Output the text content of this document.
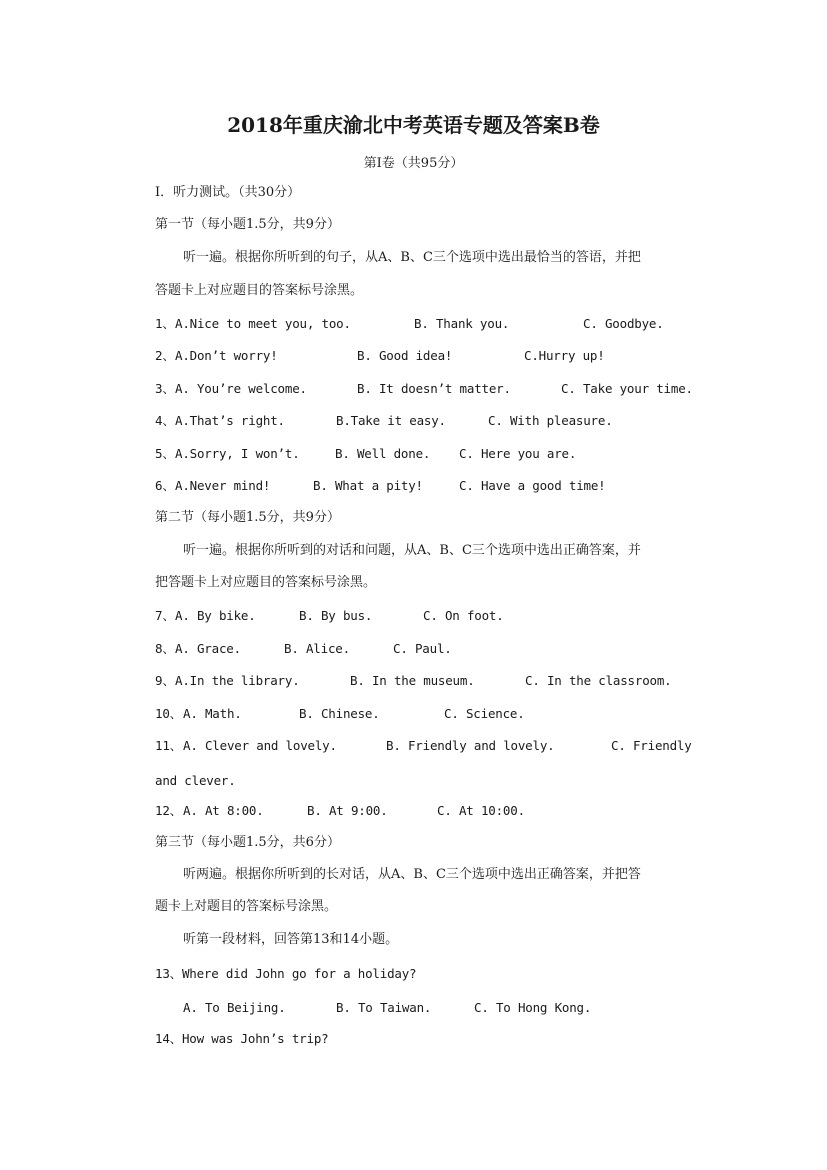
2018年重庆渝北中考英语专题及答案B卷
第I卷（共95分）
I．听力测试。（共30分）
第一节（每小题1.5分，共9分）
听一遍。根据你所听到的句子，从A、B、C三个选项中选出最恰当的答语，并把
答题卡上对应题目的答案标号涂黑。
1、 A.Nice to meet you, too.	B. Thank you.	C. Goodbye.
2、 A.Don’t worry!	B. Good idea!	C.Hurry up!
3、 A. You’re welcome.	B. It doesn’t matter.	C. Take your time.
4、 A.That’s right.	B.Take it easy.	C. With pleasure.
5、 A.Sorry, I won’t.	B. Well done. C. Here you are.
6、 A.Never mind!	B. What a pity!	C. Have a good time!
第二节（每小题1.5分，共9分）
听一遍。根据你所听到的对话和问题，从A、B、C三个选项中选出正确答案，并
把答题卡上对应题目的答案标号涂黑。
7、 A. By bike.	B. By bus.	C. On foot.
8、 A. Grace.	B. Alice.	C. Paul.
9、 A.In the library.	B. In the museum.	C. In the classroom.
10、 A. Math.	B. Chinese.	C. Science.
11、 A. Clever and lovely.	B. Friendly and lovely.	C. Friendly
and clever.
12、 A. At 8:00.	B. At 9:00.	C. At 10:00.
第三节（每小题1.5分，共6分）
听两遍。根据你所听到的长对话，从A、B、C三个选项中选出正确答案，并把答
题卡上对题目的答案标号涂黑。
听第一段材料，回答第13和14小题。
13、Where did John go for a holiday?
A. To Beijing.	B. To Taiwan.	C. To Hong Kong.
14、How was John’s trip?
